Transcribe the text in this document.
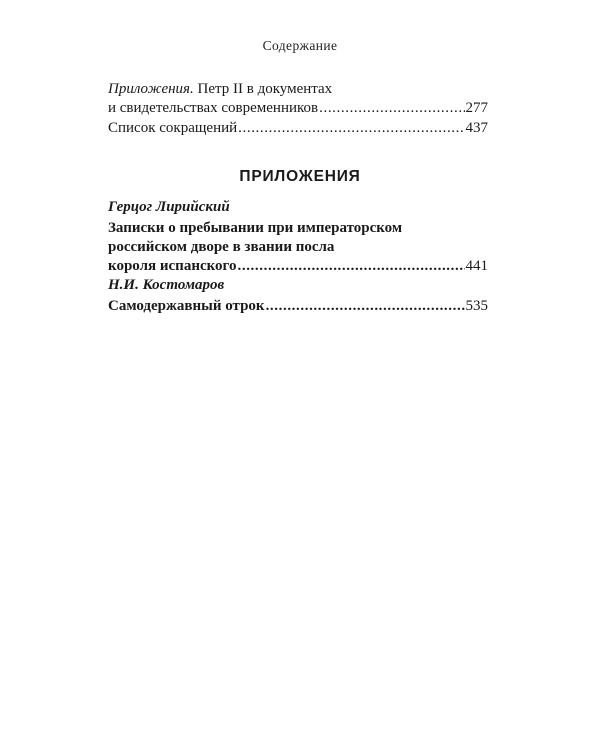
Содержание
Приложения. Петр II в документах
и свидетельствах современников .....	277
Список сокращений .....	437
ПРИЛОЖЕНИЯ
Герцог Лирийский
Записки о пребывании при императорском
российском дворе в звании посла
короля испанского .....	441
Н.И. Костомаров
Самодержавный отрок .....	535
